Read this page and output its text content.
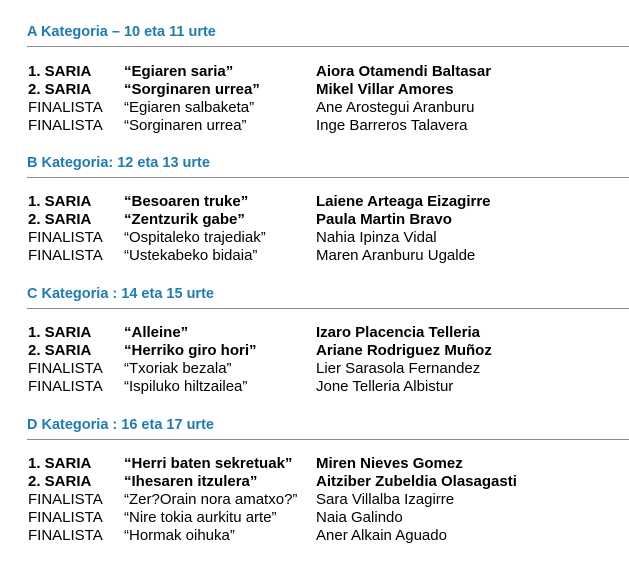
A Kategoria – 10 eta 11 urte
1. SARIA “Egiaren saria”	Aiora Otamendi Baltasar
2. SARIA “Sorginaren urrea”	Mikel Villar Amores
FINALISTA “Egiaren salbaketa”	Ane Arostegui Aranburu
FINALISTA “Sorginaren urrea”	Inge Barreros Talavera
B Kategoria: 12 eta 13 urte
1. SARIA “Besoaren truke”	Laiene Arteaga Eizagirre
2. SARIA “Zentzurik gabe”	Paula Martin Bravo
FINALISTA “Ospitaleko trajediak”	Nahia Ipinza Vidal
FINALISTA “Ustekabeko bidaia”	Maren Aranburu Ugalde
C Kategoria : 14 eta 15 urte
1. SARIA “Alleine”	Izaro Placencia Telleria
2. SARIA “Herriko giro hori”	Ariane Rodriguez Muñoz
FINALISTA “Txoriak bezala”	Lier Sarasola Fernandez
FINALISTA “Ispiluko hiltzailea”	Jone Telleria Albistur
D Kategoria : 16 eta 17 urte
1. SARIA “Herri baten sekretuak” Miren Nieves Gomez
2. SARIA “Ihesaren itzulera”	Aitziber Zubeldia Olasagasti
FINALISTA “Zer?Orain nora amatxo?” Sara Villalba Izagirre
FINALISTA “Nire tokia aurkitu arte”	Naia Galindo
FINALISTA “Hormak oihuka”	Aner Alkain Aguado
